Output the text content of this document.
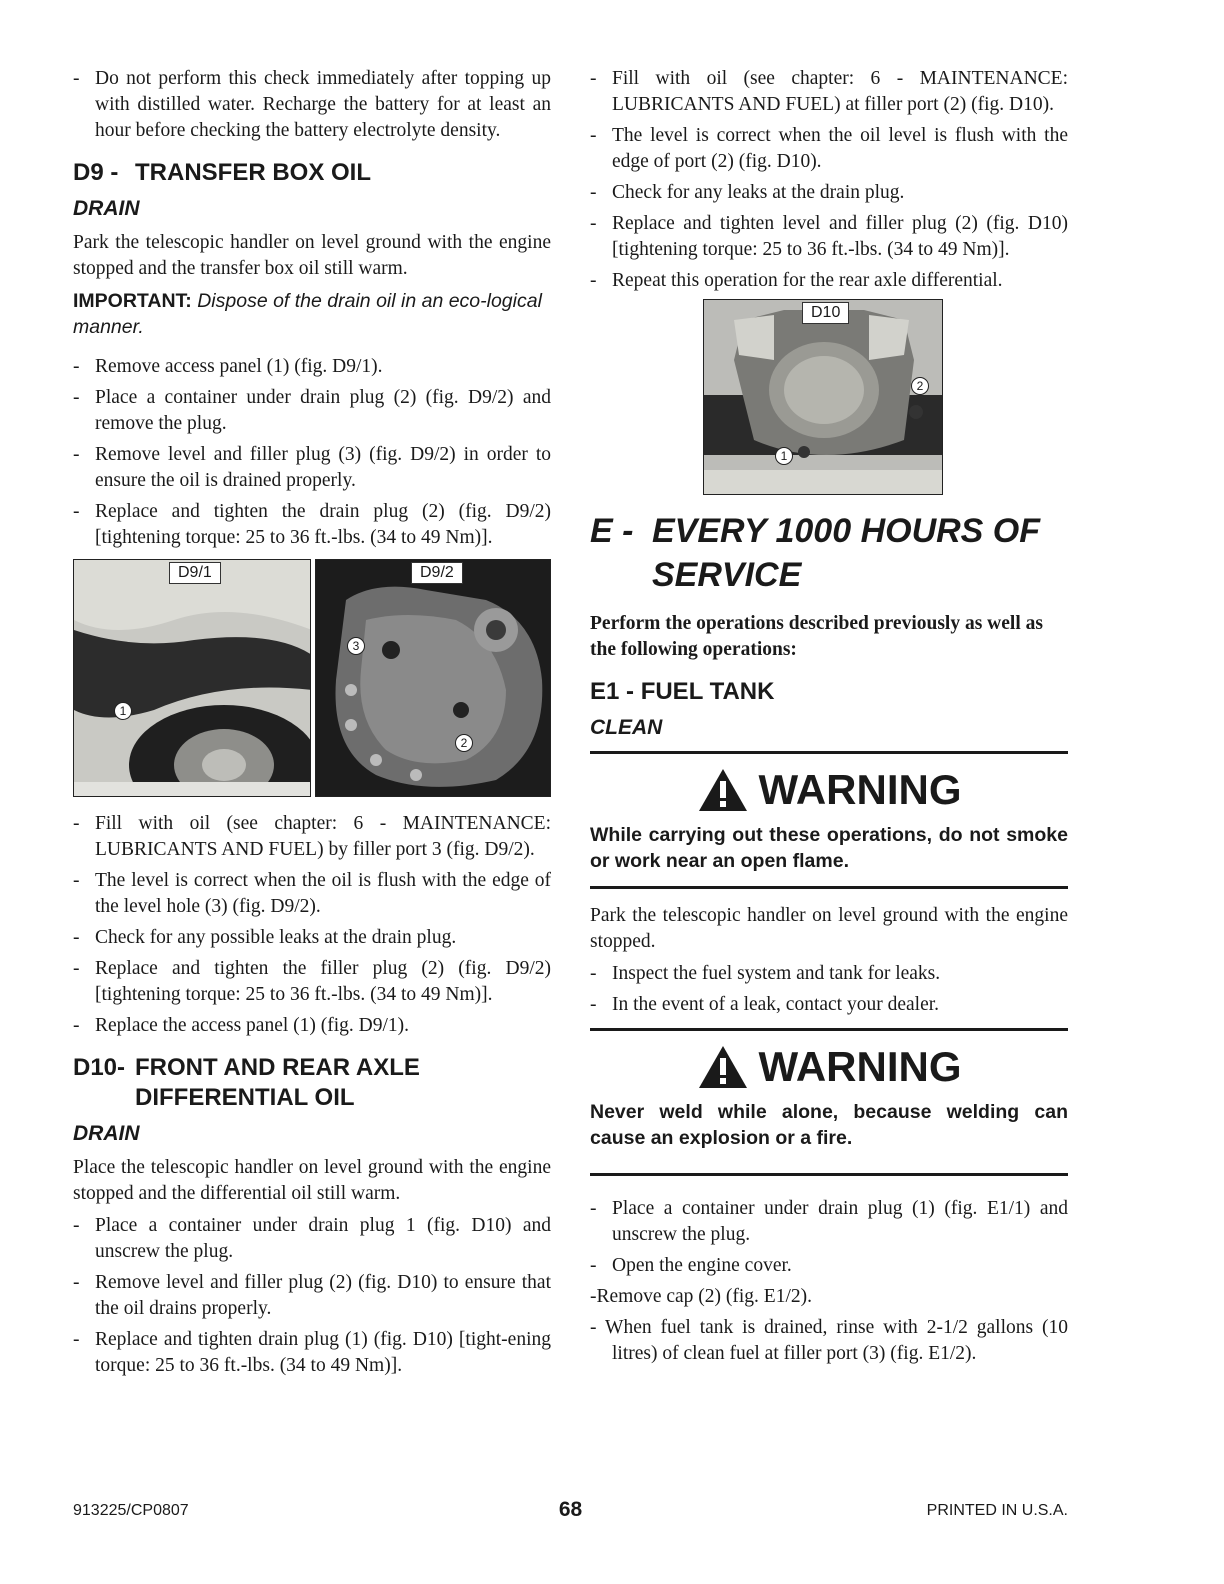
- Do not perform this check immediately after topping up with distilled water. Recharge the battery for at least an hour before checking the battery electrolyte density.
D9 - TRANSFER BOX OIL
DRAIN

Park the telescopic handler on level ground with the engine stopped and the transfer box oil still warm.

IMPORTANT: Dispose of the drain oil in an eco-logical manner.

- Remove access panel (1) (fig. D9/1).
- Place a container under drain plug (2) (fig. D9/2) and remove the plug.
- Remove level and filler plug (3) (fig. D9/2) in order to ensure the oil is drained properly.
- Replace and tighten the drain plug (2) (fig. D9/2) [tightening torque: 25 to 36 ft.-lbs. (34 to 49 Nm)].
D9/1
1
D9/2
3
2
- Fill with oil (see chapter: 6 - MAINTENANCE: LUBRICANTS AND FUEL) by filler port 3 (fig. D9/2).
- The level is correct when the oil is flush with the edge of the level hole (3) (fig. D9/2).
- Check for any possible leaks at the drain plug.
- Replace and tighten the filler plug (2) (fig. D9/2) [tightening torque: 25 to 36 ft.-lbs. (34 to 49 Nm)].
- Replace the access panel (1) (fig. D9/1).
D10- FRONT AND REAR AXLE DIFFERENTIAL OIL
DRAIN

Place the telescopic handler on level ground with the engine stopped and the differential oil still warm.

- Place a container under drain plug 1 (fig. D10) and unscrew the plug.
- Remove level and filler plug (2) (fig. D10) to ensure that the oil drains properly.
- Replace and tighten drain plug (1) (fig. D10) [tight-ening torque: 25 to 36 ft.-lbs. (34 to 49 Nm)].
- Fill with oil (see chapter: 6 - MAINTENANCE: LUBRICANTS AND FUEL) at filler port (2) (fig. D10).
- The level is correct when the oil level is flush with the edge of port (2) (fig. D10).
- Check for any leaks at the drain plug.
- Replace and tighten level and filler plug (2) (fig. D10) [tightening torque: 25 to 36 ft.-lbs. (34 to 49 Nm)].
- Repeat this operation for the rear axle differential.
D10
2
1
E - EVERY 1000 HOURS OF SERVICE

Perform the operations described previously as well as the following operations:

E1 - FUEL TANK
CLEAN
WARNING
While carrying out these operations, do not smoke or work near an open flame.

Park the telescopic handler on level ground with the engine stopped.

- Inspect the fuel system and tank for leaks.
- In the event of a leak, contact your dealer.
WARNING
Never weld while alone, because welding can cause an explosion or a fire.
- Place a container under drain plug (1) (fig. E1/1) and unscrew the plug.
- Open the engine cover.
-Remove cap (2) (fig. E1/2).
- When fuel tank is drained, rinse with 2-1/2 gallons (10 litres) of clean fuel at filler port (3) (fig. E1/2).
913225/CP0807	68	PRINTED IN U.S.A.
